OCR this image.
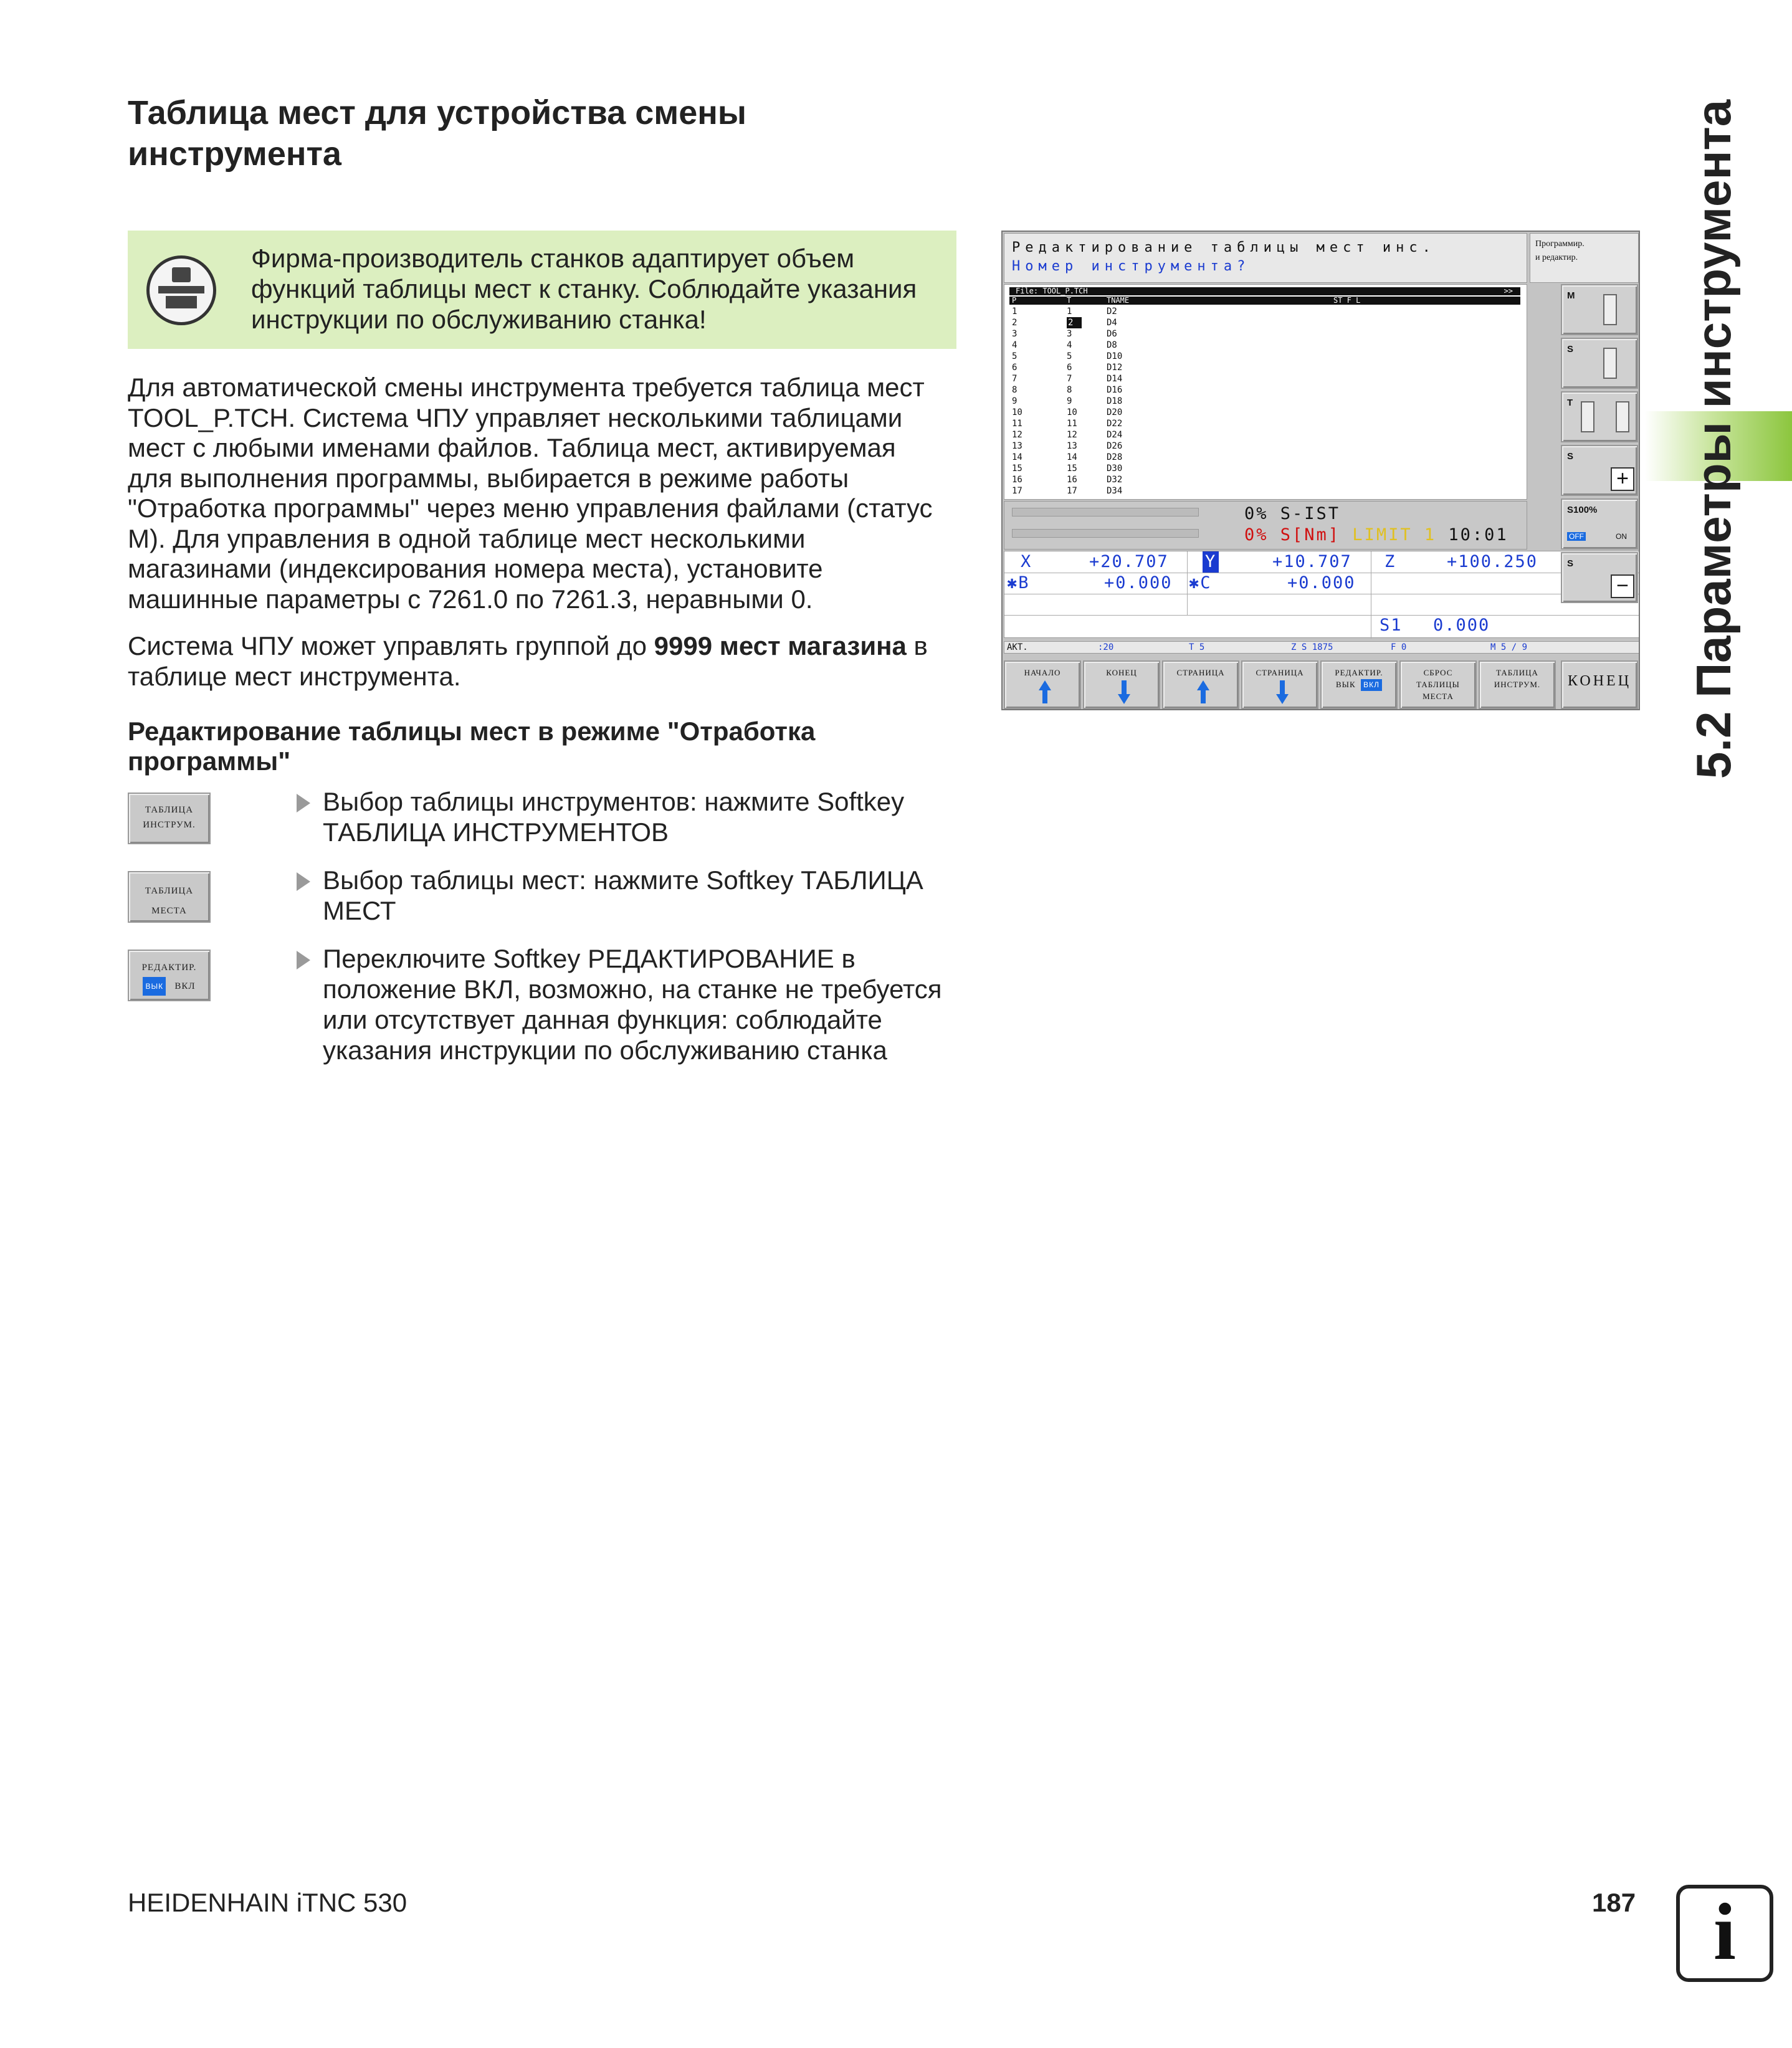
Таблица мест для устройства смены
инструмента
Фирма-производитель станков адаптирует объем
функций таблицы мест к станку. Соблюдайте указания
инструкции по обслуживанию станка!
Для автоматической смены инструмента требуется таблица мест
TOOL_P.TCH. Система ЧПУ управляет несколькими таблицами
мест с любыми именами файлов. Таблица мест, активируемая
для выполнения программы, выбирается в режиме работы
"Отработка программы" через меню управления файлами (статус
M). Для управления в одной таблице мест несколькими
магазинами (индексирования номера места), установите
машинные параметры с 7261.0 по 7261.3, неравными 0.
Система ЧПУ может управлять группой до 9999 мест магазина в
таблице мест инструмента.
Редактирование таблицы мест в режиме "Отработка
программы"
ТАБЛИЦА
ИНСТРУМ.
Выбор таблицы инструментов: нажмите Softkey
ТАБЛИЦА ИНСТРУМЕНТОВ
ТАБЛИЦА
МЕСТА
Выбор таблицы мест: нажмите Softkey ТАБЛИЦА
МЕСТ
РЕДАКТИР.
ВЫК ВКЛ
Переключите Softkey РЕДАКТИРОВАНИЕ в
положение ВКЛ, возможно, на станке не требуется
или отсутствует данная функция: соблюдайте
указания инструкции по обслуживанию станка
Редактирование таблицы мест инс.
Номер инструмента?
Программир.
и редактир.
File: TOOL_P.TCH	>>
P	T	TNAME	ST F L
1	1	D2
2	2	D4
3	3	D6
4	4	D8
5	5	D10
6	6	D12
7	7	D14
8	8	D16
9	9	D18
10	10	D20
11	11	D22
12	12	D24
13	13	D26
14	14	D28
15	15	D30
16	16	D32
17	17	D34
0% S-IST
0% S[Nm] LIMIT 1 10:01
X	+20.707 Y	+10.707 Z	+100.250
✱B	+0.000 ✱C	+0.000
S1 0.000
АКТ.	:20	T 5	Z S 1875	F 0	M 5 / 9
M
S
T
S
+
S100%
OFF	ON
S
−
НАЧАЛО	КОНЕЦ	СТРАНИЦА	СТРАНИЦА	РЕДАКТИР.
ВЫК ВКЛ
СБРОС
ТАБЛИЦЫ
МЕСТА
ТАБЛИЦА
ИНСТРУМ.	КОНЕЦ 5.2 Параметры инструмента
HEIDENHAIN iTNC 530	187 i
